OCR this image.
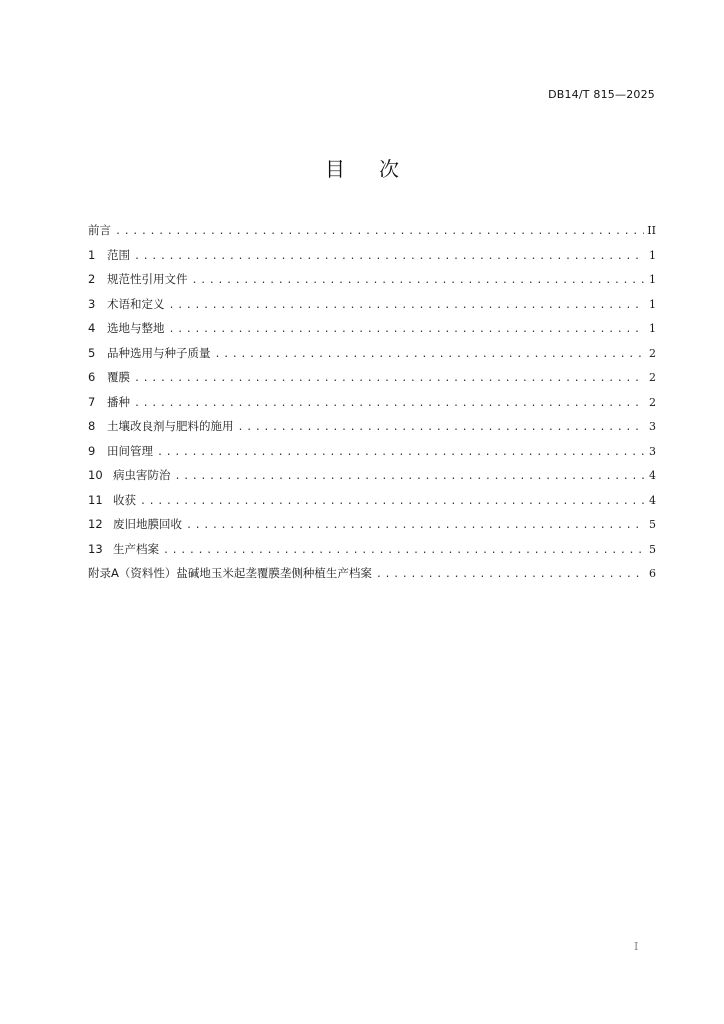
DB14/T 815—2025
目 次
前言 .....	II
1	范围 .....	1
2	规范性引用文件 .....	1
3	术语和定义 .....	1
4	选地与整地 .....	1
5	品种选用与种子质量 .....	2
6	覆膜 .....	2
7	播种 .....	2
8	土壤改良剂与肥料的施用 .....	3
9	田间管理 .....	3
10 病虫害防治 .....	4
11 收获 .....	4
12 废旧地膜回收 .....	5
13 生产档案 .....	5
附录A（资料性）盐碱地玉米起垄覆膜垄侧种植生产档案 .....	6
I
